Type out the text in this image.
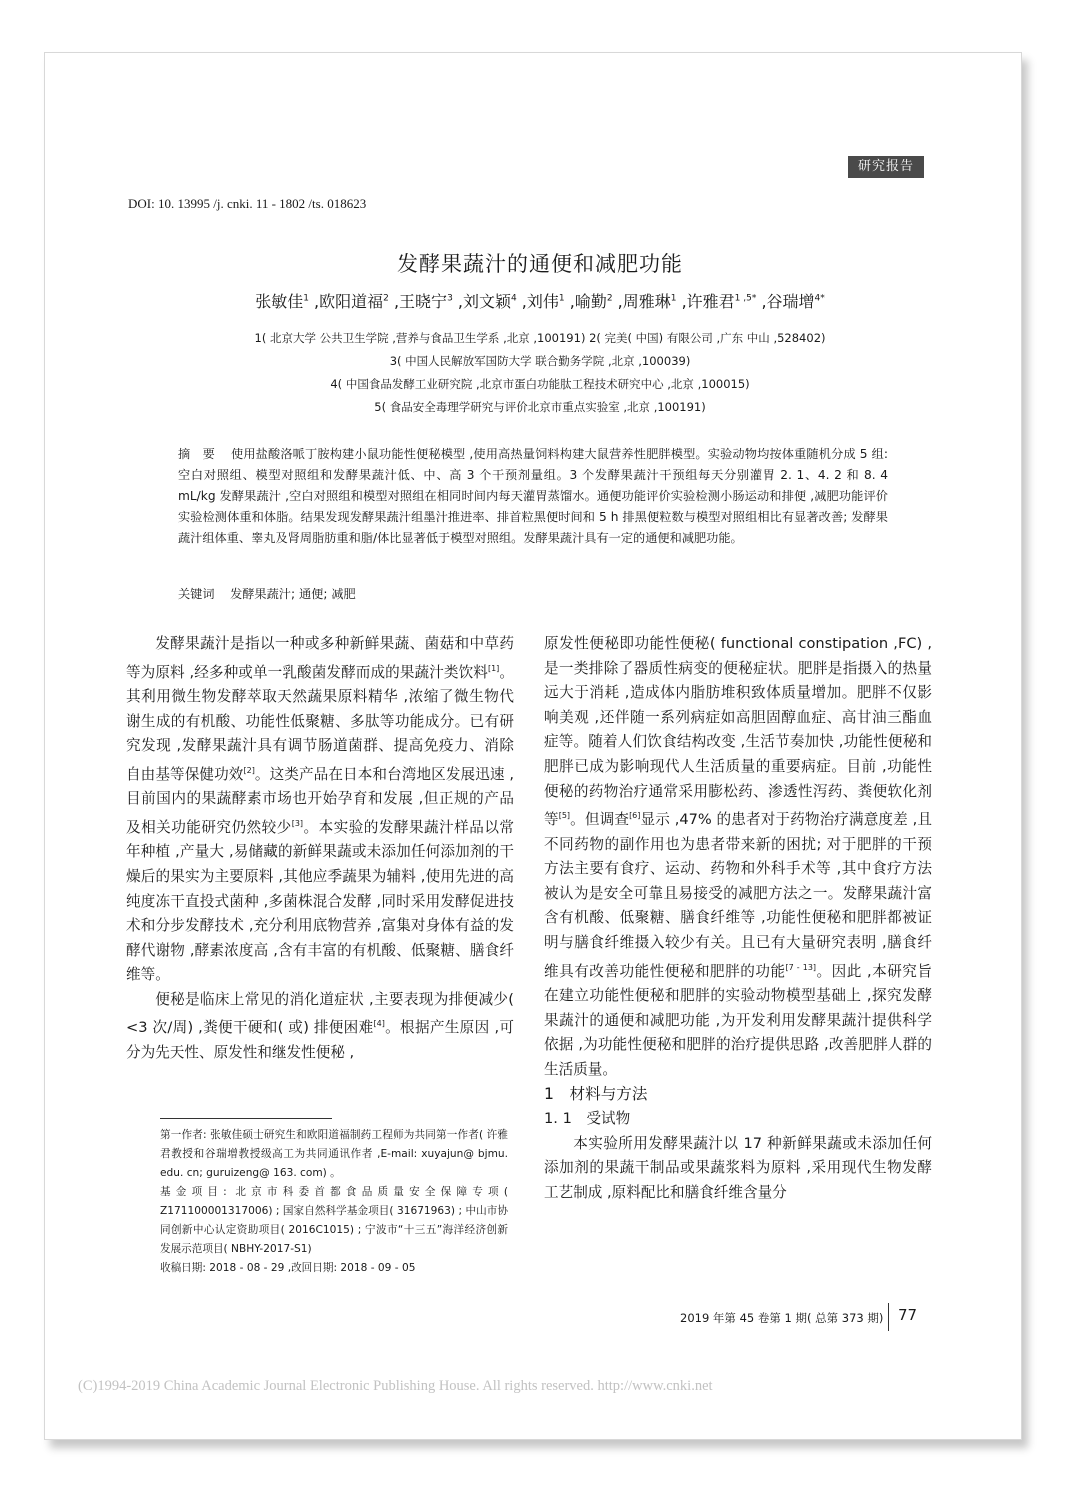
研究报告
DOI: 10. 13995 /j. cnki. 11 - 1802 /ts. 018623
发酵果蔬汁的通便和减肥功能
张敏佳$^1$ ,欧阳道福$^2$ ,王晓宁$^3$ ,刘文颖$^4$ ,刘伟$^1$ ,喻勤$^2$ ,周雅琳$^1$ ,许雅君$^{1 ,5*}$ ,谷瑞增$^{4*}$
1( 北京大学 公共卫生学院 ,营养与食品卫生学系 ,北京 ,100191) 2( 完美( 中国) 有限公司 ,广东 中山 ,528402)
3( 中国人民解放军国防大学 联合勤务学院 ,北京 ,100039)
4( 中国食品发酵工业研究院 ,北京市蛋白功能肽工程技术研究中心 ,北京 ,100015)
5( 食品安全毒理学研究与评价北京市重点实验室 ,北京 ,100191)
摘　要 使用盐酸洛哌丁胺构建小鼠功能性便秘模型 ,使用高热量饲料构建大鼠营养性肥胖模型。实验动物均按体重随机分成 5 组: 空白对照组、模型对照组和发酵果蔬汁低、中、高 3 个干预剂量组。3 个发酵果蔬汁干预组每天分别灌胃 2. 1、4. 2 和 8. 4 mL/kg 发酵果蔬汁 ,空白对照组和模型对照组在相同时间内每天灌胃蒸馏水。通便功能评价实验检测小肠运动和排便 ,减肥功能评价实验检测体重和体脂。结果发现发酵果蔬汁组墨汁推进率、排首粒黑便时间和 5 h 排黑便粒数与模型对照组相比有显著改善; 发酵果蔬汁组体重、睾丸及肾周脂肪重和脂/体比显著低于模型对照组。发酵果蔬汁具有一定的通便和减肥功能。
关键词 发酵果蔬汁; 通便; 减肥

发酵果蔬汁是指以一种或多种新鲜果蔬、菌菇和中草药等为原料 ,经多种或单一乳酸菌发酵而成的果蔬汁类饮料[1]。其利用微生物发酵萃取天然蔬果原料精华 ,浓缩了微生物代谢生成的有机酸、功能性低聚糖、多肽等功能成分。已有研究发现 ,发酵果蔬汁具有调节肠道菌群、提高免疫力、消除自由基等保健功效[2]。这类产品在日本和台湾地区发展迅速 ,目前国内的果蔬酵素市场也开始孕育和发展 ,但正规的产品及相关功能研究仍然较少[3]。本实验的发酵果蔬汁样品以常年种植 ,产量大 ,易储藏的新鲜果蔬或未添加任何添加剂的干燥后的果实为主要原料 ,其他应季蔬果为辅料 ,使用先进的高纯度冻干直投式菌种 ,多菌株混合发酵 ,同时采用发酵促进技术和分步发酵技术 ,充分利用底物营养 ,富集对身体有益的发酵代谢物 ,酵素浓度高 ,含有丰富的有机酸、低聚糖、膳食纤维等。

便秘是临床上常见的消化道症状 ,主要表现为排便减少( <3 次/周) ,粪便干硬和( 或) 排便困难[4]。根据产生原因 ,可分为先天性、原发性和继发性便秘 ,

第一作者: 张敏佳硕士研究生和欧阳道福制药工程师为共同第一作者( 许雅君教授和谷瑞增教授级高工为共同通讯作者 ,E-mail: xuyajun@ bjmu. edu. cn; guruizeng@ 163. com) 。

基金项目: 北京市科委首都食品质量安全保障专项( Z171100001317006) ; 国家自然科学基金项目( 31671963) ; 中山市协同创新中心认定资助项目( 2016C1015) ; 宁波市“十三五”海洋经济创新发展示范项目( NBHY-2017-S1)

收稿日期: 2018 - 08 - 29 ,改回日期: 2018 - 09 - 05

原发性便秘即功能性便秘( functional constipation ,FC) ,是一类排除了器质性病变的便秘症状。肥胖是指摄入的热量远大于消耗 ,造成体内脂肪堆积致体质量增加。肥胖不仅影响美观 ,还伴随一系列病症如高胆固醇血症、高甘油三酯血症等。随着人们饮食结构改变 ,生活节奏加快 ,功能性便秘和肥胖已成为影响现代人生活质量的重要病症。目前 ,功能性便秘的药物治疗通常采用膨松药、渗透性泻药、粪便软化剂等[5]。但调查[6]显示 ,47% 的患者对于药物治疗满意度差 ,且不同药物的副作用也为患者带来新的困扰; 对于肥胖的干预方法主要有食疗、运动、药物和外科手术等 ,其中食疗方法被认为是安全可靠且易接受的减肥方法之一。发酵果蔬汁富含有机酸、低聚糖、膳食纤维等 ,功能性便秘和肥胖都被证明与膳食纤维摄入较少有关。且已有大量研究表明 ,膳食纤维具有改善功能性便秘和肥胖的功能[7 - 13]。因此 ,本研究旨在建立功能性便秘和肥胖的实验动物模型基础上 ,探究发酵果蔬汁的通便和减肥功能 ,为开发利用发酵果蔬汁提供科学依据 ,为功能性便秘和肥胖的治疗提供思路 ,改善肥胖人群的生活质量。

1　材料与方法

1. 1　受试物

本实验所用发酵果蔬汁以 17 种新鲜果蔬或未添加任何添加剂的果蔬干制品或果蔬浆料为原料 ,采用现代生物发酵工艺制成 ,原料配比和膳食纤维含量分

2019 年第 45 卷第 1 期( 总第 373 期) 77
(C)1994-2019 China Academic Journal Electronic Publishing House. All rights reserved. http://www.cnki.net
